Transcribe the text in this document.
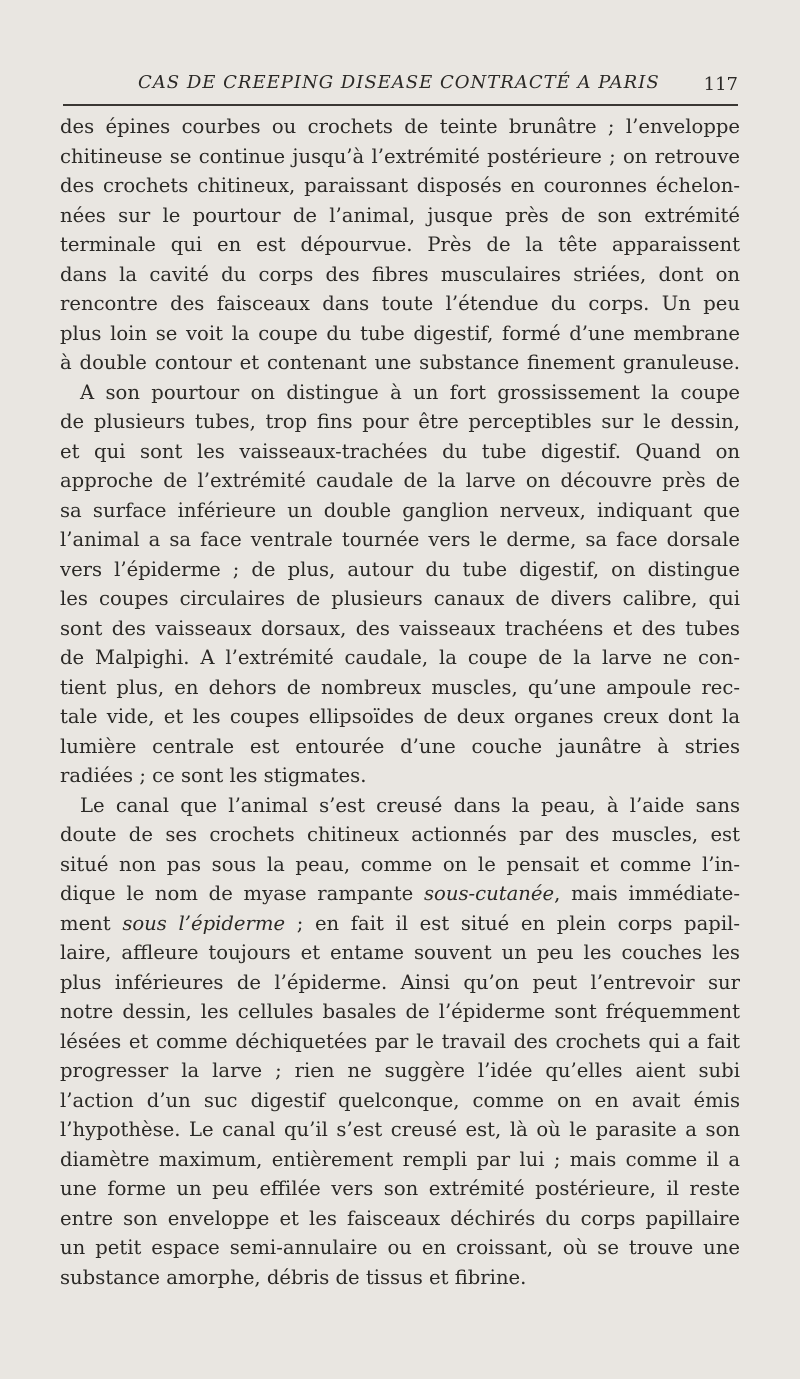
CAS DE CREEPING DISEASE CONTRACTÉ A PARIS 117
des épines courbes ou crochets de teinte brunâtre ; l’enveloppe
chitineuse se continue jusqu’à l’extrémité postérieure ; on retrouve
des crochets chitineux, paraissant disposés en couronnes échelon-
nées sur le pourtour de l’animal, jusque près de son extrémité
terminale qui en est dépourvue. Près de la tête apparaissent
dans la cavité du corps des fibres musculaires striées, dont on
rencontre des faisceaux dans toute l’étendue du corps. Un peu
plus loin se voit la coupe du tube digestif, formé d’une membrane
à double contour et contenant une substance finement granuleuse.
A son pourtour on distingue à un fort grossissement la coupe
de plusieurs tubes, trop fins pour être perceptibles sur le dessin,
et qui sont les vaisseaux-trachées du tube digestif. Quand on
approche de l’extrémité caudale de la larve on découvre près de
sa surface inférieure un double ganglion nerveux, indiquant que
l’animal a sa face ventrale tournée vers le derme, sa face dorsale
vers l’épiderme ; de plus, autour du tube digestif, on distingue
les coupes circulaires de plusieurs canaux de divers calibre, qui
sont des vaisseaux dorsaux, des vaisseaux trachéens et des tubes
de Malpighi. A l’extrémité caudale, la coupe de la larve ne con-
tient plus, en dehors de nombreux muscles, qu’une ampoule rec-
tale vide, et les coupes ellipsoïdes de deux organes creux dont la
lumière centrale est entourée d’une couche jaunâtre à stries
radiées ; ce sont les stigmates.
Le canal que l’animal s’est creusé dans la peau, à l’aide sans
doute de ses crochets chitineux actionnés par des muscles, est
situé non pas sous la peau, comme on le pensait et comme l’in-
dique le nom de myase rampante sous-cutanée, mais immédiate-
ment sous l’épiderme ; en fait il est situé en plein corps papil-
laire, affleure toujours et entame souvent un peu les couches les
plus inférieures de l’épiderme. Ainsi qu’on peut l’entrevoir sur
notre dessin, les cellules basales de l’épiderme sont fréquemment
lésées et comme déchiquetées par le travail des crochets qui a fait
progresser la larve ; rien ne suggère l’idée qu’elles aient subi
l’action d’un suc digestif quelconque, comme on en avait émis
l’hypothèse. Le canal qu’il s’est creusé est, là où le parasite a son
diamètre maximum, entièrement rempli par lui ; mais comme il a
une forme un peu effilée vers son extrémité postérieure, il reste
entre son enveloppe et les faisceaux déchirés du corps papillaire
un petit espace semi-annulaire ou en croissant, où se trouve une
substance amorphe, débris de tissus et fibrine.
